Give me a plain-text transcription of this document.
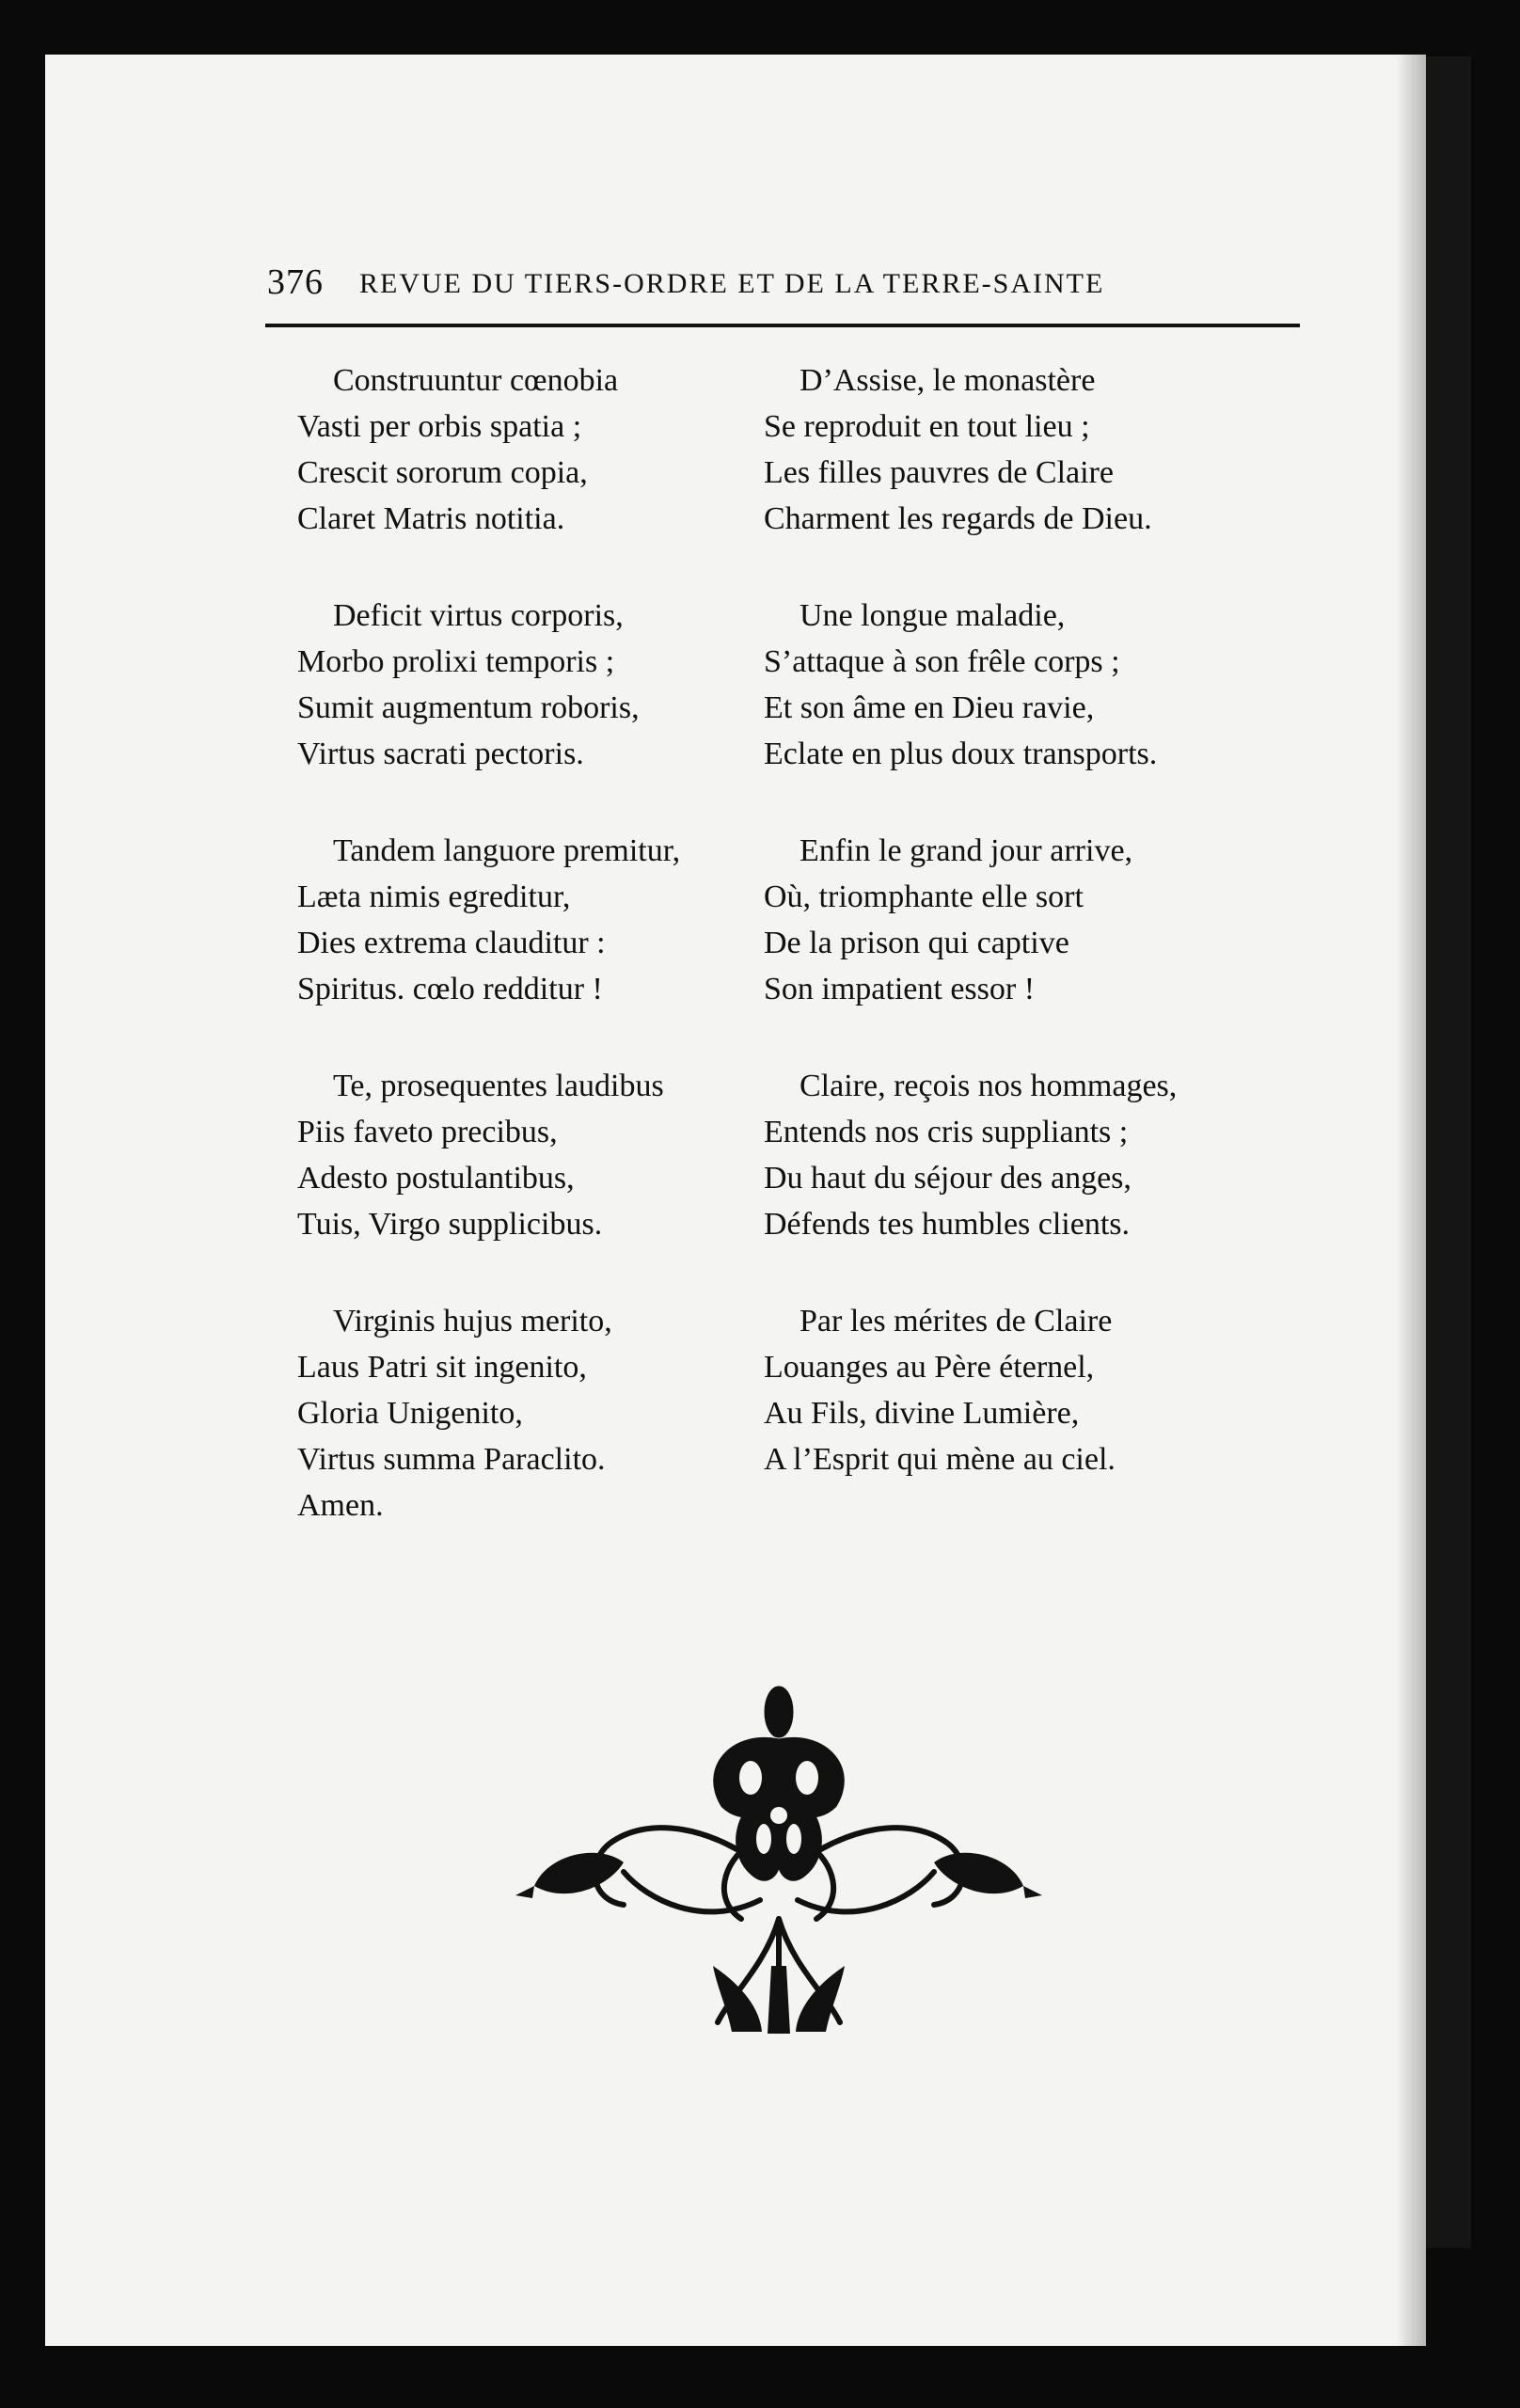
376 REVUE DU TIERS-ORDRE ET DE LA TERRE-SAINTE
Construuntur cœnobia
Vasti per orbis spatia ;
Crescit sororum copia,
Claret Matris notitia.
D’Assise, le monastère
Se reproduit en tout lieu ;
Les filles pauvres de Claire
Charment les regards de Dieu.
Deficit virtus corporis,
Morbo prolixi temporis ;
Sumit augmentum roboris,
Virtus sacrati pectoris.
Une longue maladie,
S’attaque à son frêle corps ;
Et son âme en Dieu ravie,
Eclate en plus doux transports.
Tandem languore premitur,
Læta nimis egreditur,
Dies extrema clauditur :
Spiritus. cœlo redditur !
Enfin le grand jour arrive,
Où, triomphante elle sort
De la prison qui captive
Son impatient essor !
Te, prosequentes laudibus
Piis faveto precibus,
Adesto postulantibus,
Tuis, Virgo supplicibus.
Claire, reçois nos hommages,
Entends nos cris suppliants ;
Du haut du séjour des anges,
Défends tes humbles clients.
Virginis hujus merito,
Laus Patri sit ingenito,
Gloria Unigenito,
Virtus summa Paraclito.
Amen.
Par les mérites de Claire
Louanges au Père éternel,
Au Fils, divine Lumière,
A l’Esprit qui mène au ciel.
